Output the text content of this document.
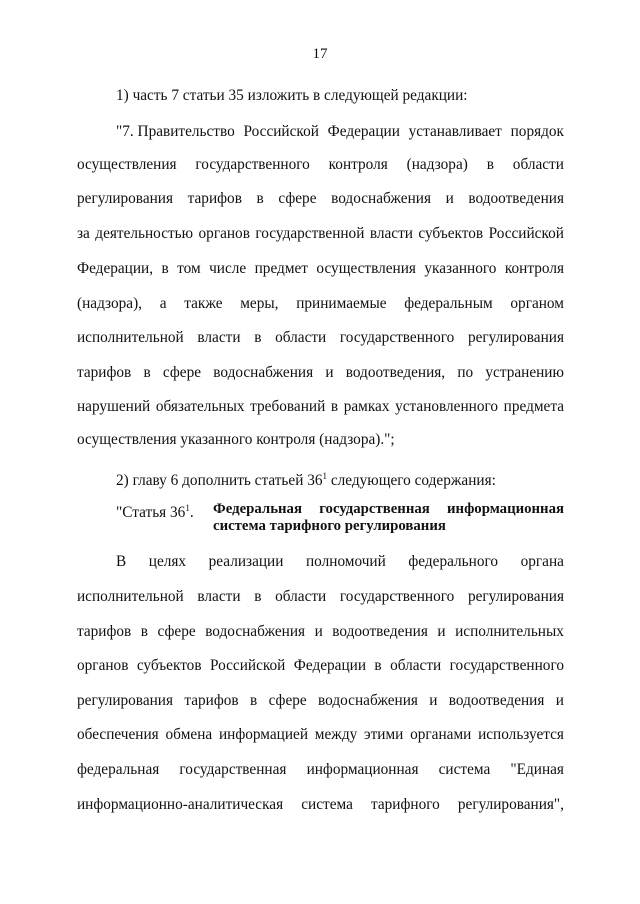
17
1) часть 7 статьи 35 изложить в следующей редакции:
"7. Правительство Российской Федерации устанавливает порядок
осуществления государственного контроля (надзора) в области
регулирования тарифов в сфере водоснабжения и водоотведения
за деятельностью органов государственной власти субъектов Российской
Федерации, в том числе предмет осуществления указанного контроля
(надзора), а также меры, принимаемые федеральным органом
исполнительной власти в области государственного регулирования
тарифов в сфере водоснабжения и водоотведения, по устранению
нарушений обязательных требований в рамках установленного предмета
осуществления указанного контроля (надзора).";
2) главу 6 дополнить статьей $36^1$ следующего содержания:
"Статья $36^1$. Федеральная государственная информационная
система тарифного регулирования
В целях реализации полномочий федерального органа
исполнительной власти в области государственного регулирования
тарифов в сфере водоснабжения и водоотведения и исполнительных
органов субъектов Российской Федерации в области государственного
регулирования тарифов в сфере водоснабжения и водоотведения и
обеспечения обмена информацией между этими органами используется
федеральная государственная информационная система "Единая
информационно-аналитическая система тарифного регулирования",
